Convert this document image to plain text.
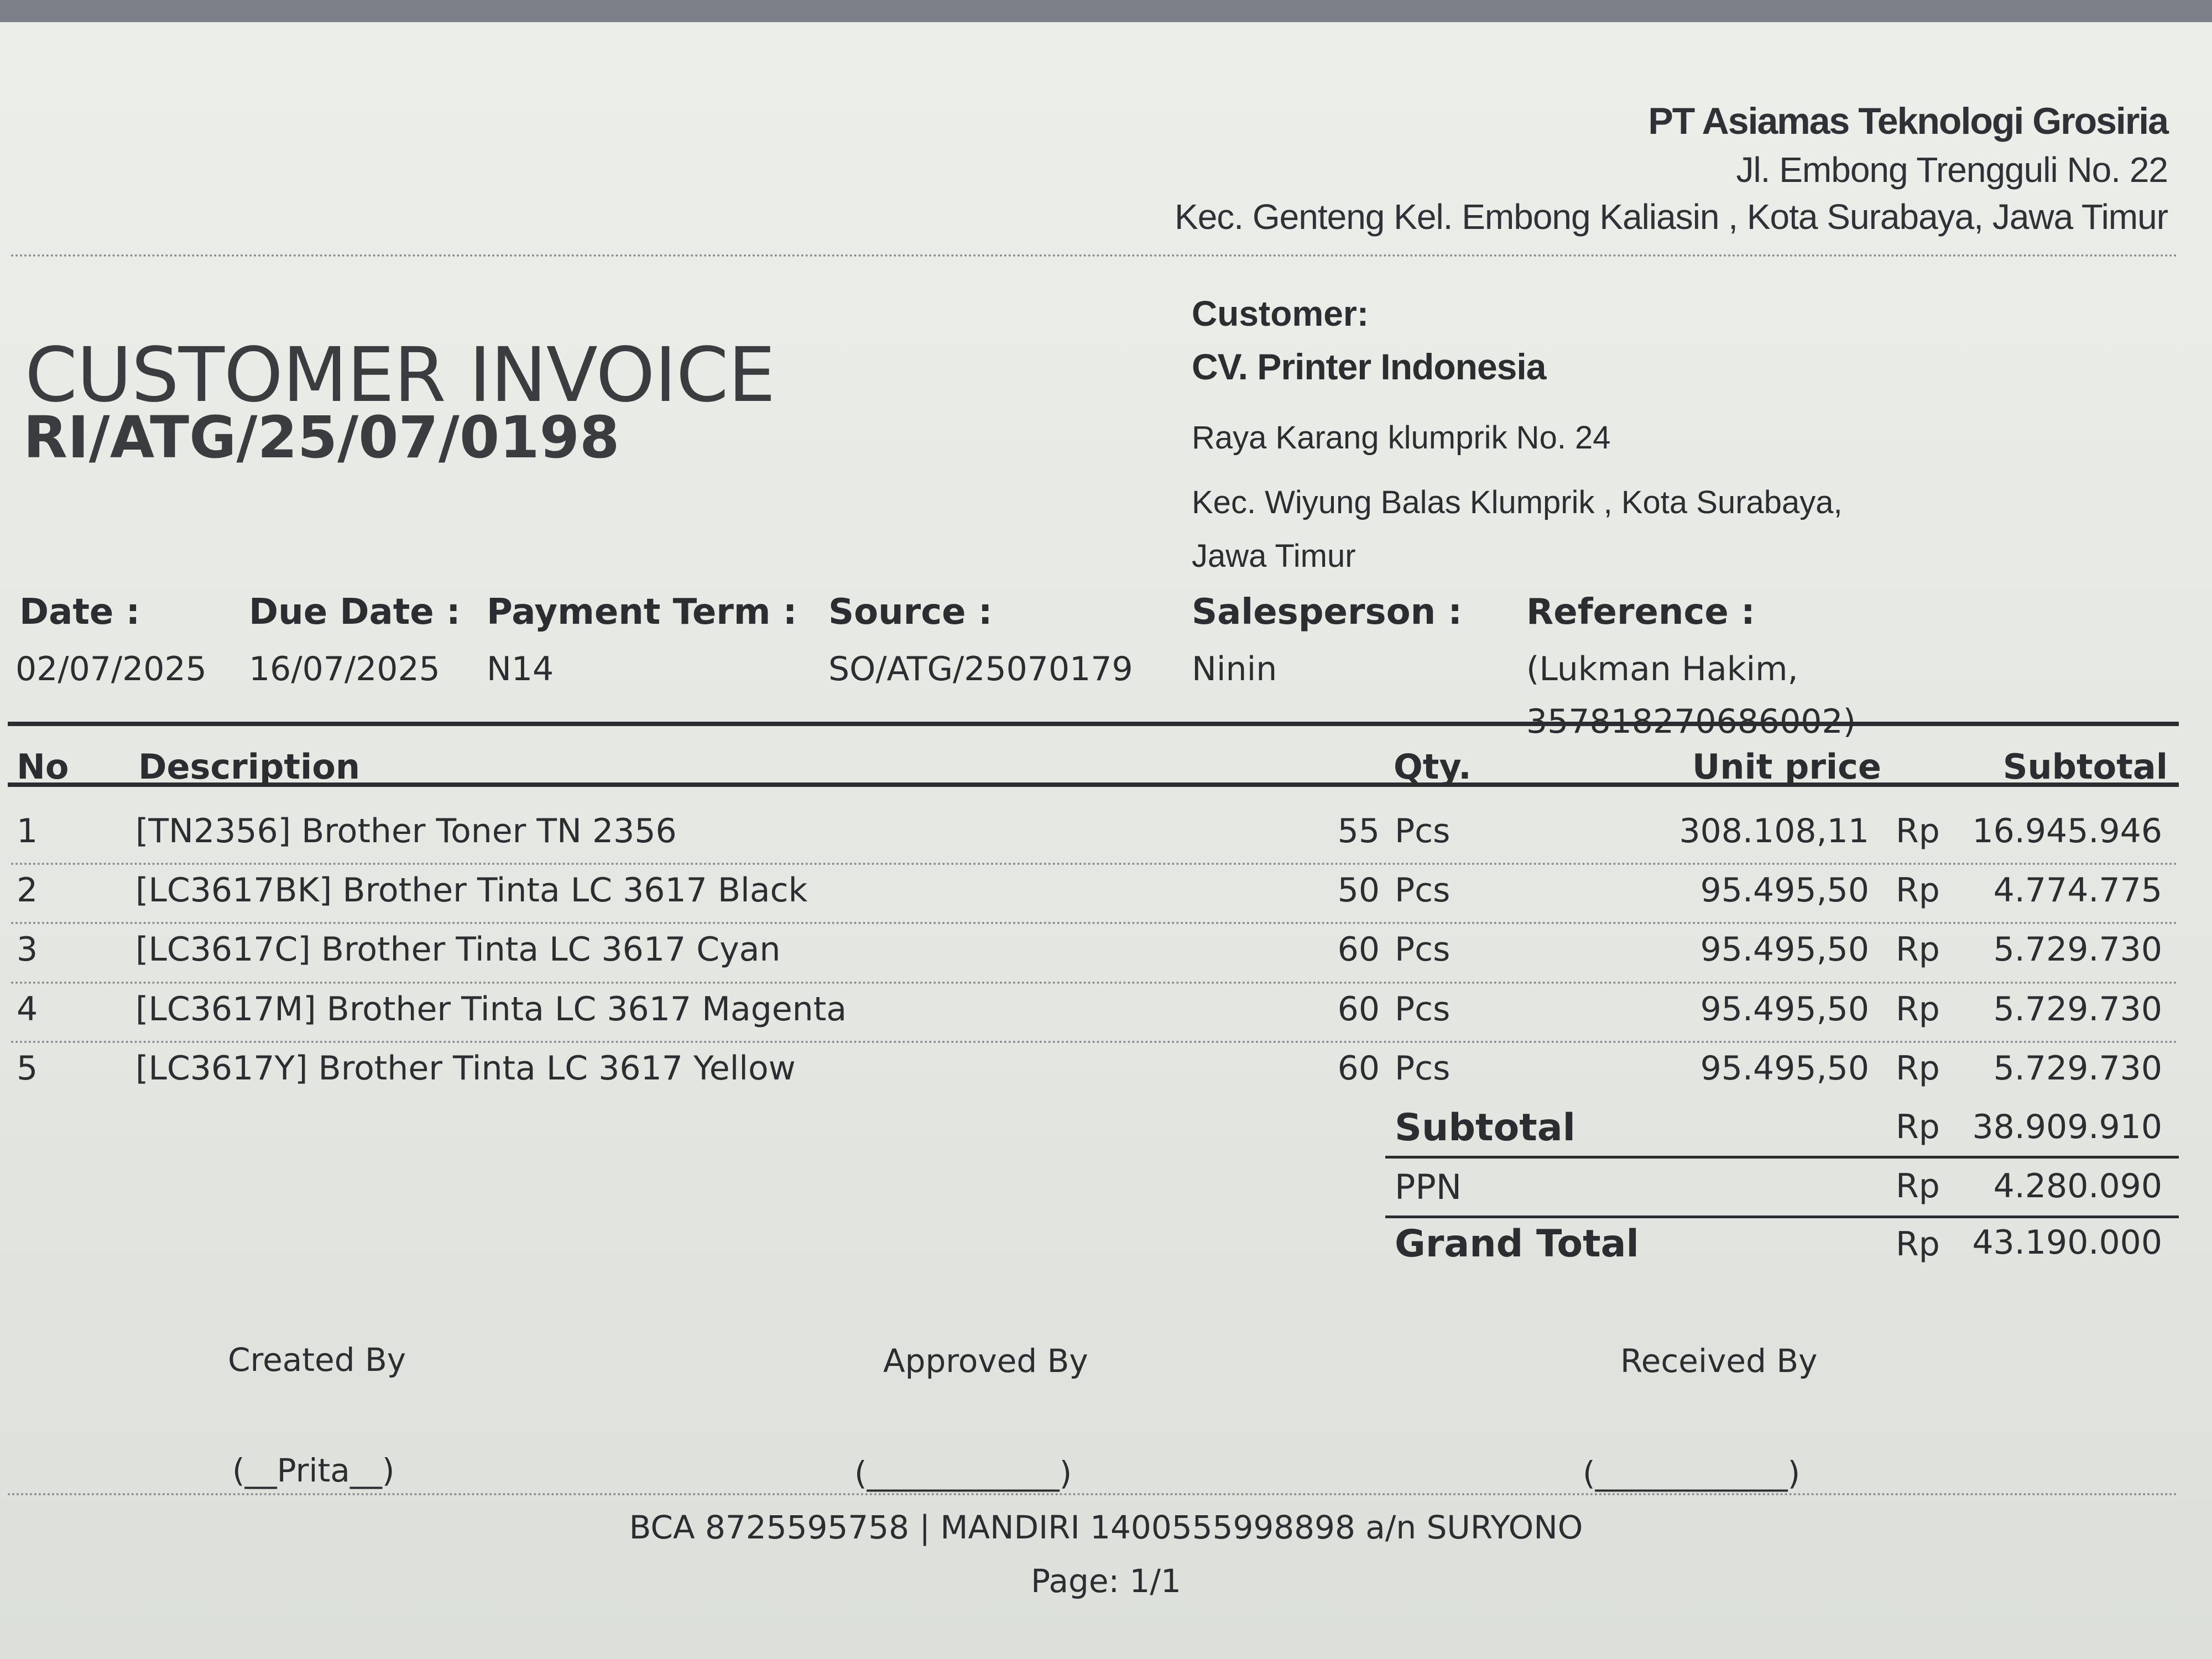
PT Asiamas Teknologi Grosiria
Jl. Embong Trengguli No. 22
Kec. Genteng Kel. Embong Kaliasin , Kota Surabaya, Jawa Timur
CUSTOMER INVOICE
RI/ATG/25/07/0198
Customer:
CV. Printer Indonesia
Raya Karang klumprik No. 24
Kec. Wiyung Balas Klumprik , Kota Surabaya,
Jawa Timur
Date :	Due Date : Payment Term : Source :	Salesperson : Reference :
02/07/2025 16/07/2025 N14	SO/ATG/25070179 Ninin	(Lukman Hakim,
357818270686002)
No Description	Qty.	Unit price	Subtotal
1	[TN2356] Brother Toner TN 2356	55 Pcs	308.108,11 Rp 16.945.946
2	[LC3617BK] Brother Tinta LC 3617 Black	50 Pcs	95.495,50 Rp 4.774.775
3	[LC3617C] Brother Tinta LC 3617 Cyan	60 Pcs	95.495,50 Rp 5.729.730
4	[LC3617M] Brother Tinta LC 3617 Magenta	60 Pcs	95.495,50 Rp 5.729.730
5	[LC3617Y] Brother Tinta LC 3617 Yellow	60 Pcs	95.495,50 Rp 5.729.730
Subtotal	Rp 38.909.910
PPN	Rp 4.280.090
Grand Total	Rp 43.190.000
Created By	Approved By	Received By
(__Prita__)	(____________)	(____________)
BCA 8725595758 | MANDIRI 1400555998898 a/n SURYONO
Page: 1/1
